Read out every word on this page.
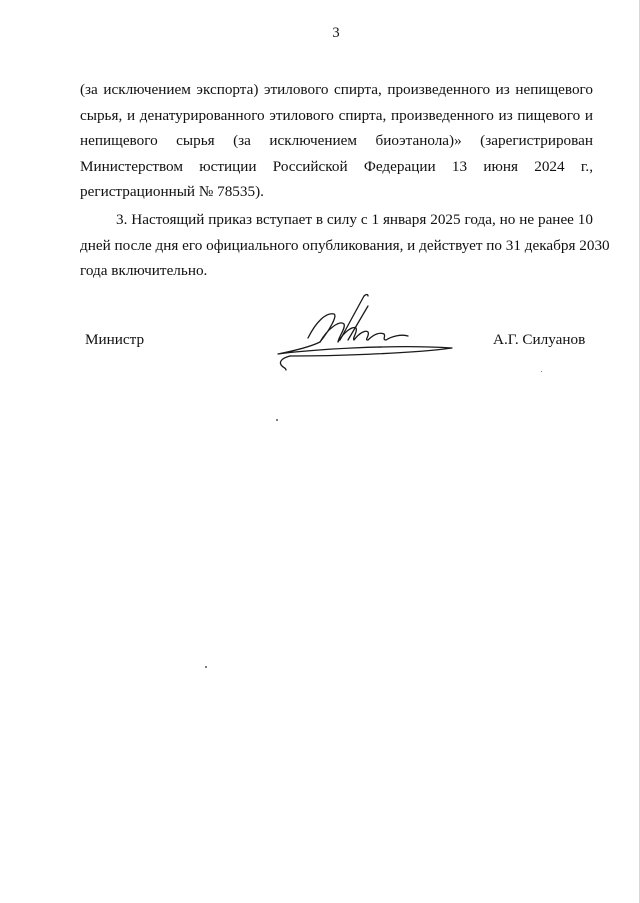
3
(за исключением экспорта) этилового спирта, произведенного из непищевого
сырья, и денатурированного этилового спирта, произведенного из пищевого и
непищевого сырья (за исключением биоэтанола)» (зарегистрирован
Министерством юстиции Российской Федерации 13 июня 2024 г.,
регистрационный № 78535).
3. Настоящий приказ вступает в силу с 1 января 2025 года, но не ранее 10
дней после дня его официального опубликования, и действует по 31 декабря 2030
года включительно.
Министр	А.Г. Силуанов
